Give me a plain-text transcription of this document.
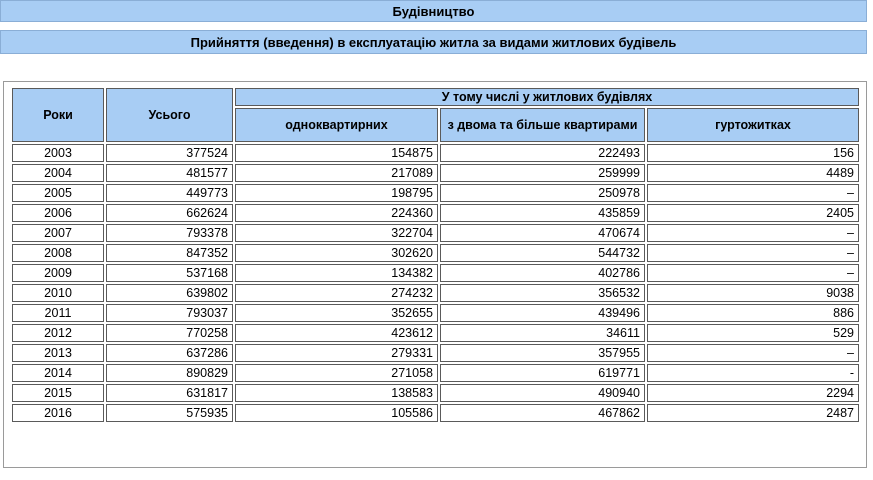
Будівництво
Прийняття (введення) в експлуатацію житла за видами житлових будівель
Роки	Усього	У тому числі у житлових будівлях		
		одноквартирних	з двома та більше квартирами	гуртожитках
2003	377524	154875	222493	156
2004	481577	217089	259999	4489
2005	449773	198795	250978	–
2006	662624	224360	435859	2405
2007	793378	322704	470674	–
2008	847352	302620	544732	–
2009	537168	134382	402786	–
2010	639802	274232	356532	9038
2011	793037	352655	439496	886
2012	770258	423612	34611	529
2013	637286	279331	357955	–
2014	890829	271058	619771	-
2015	631817	138583	490940	2294
2016	575935	105586	467862	2487
